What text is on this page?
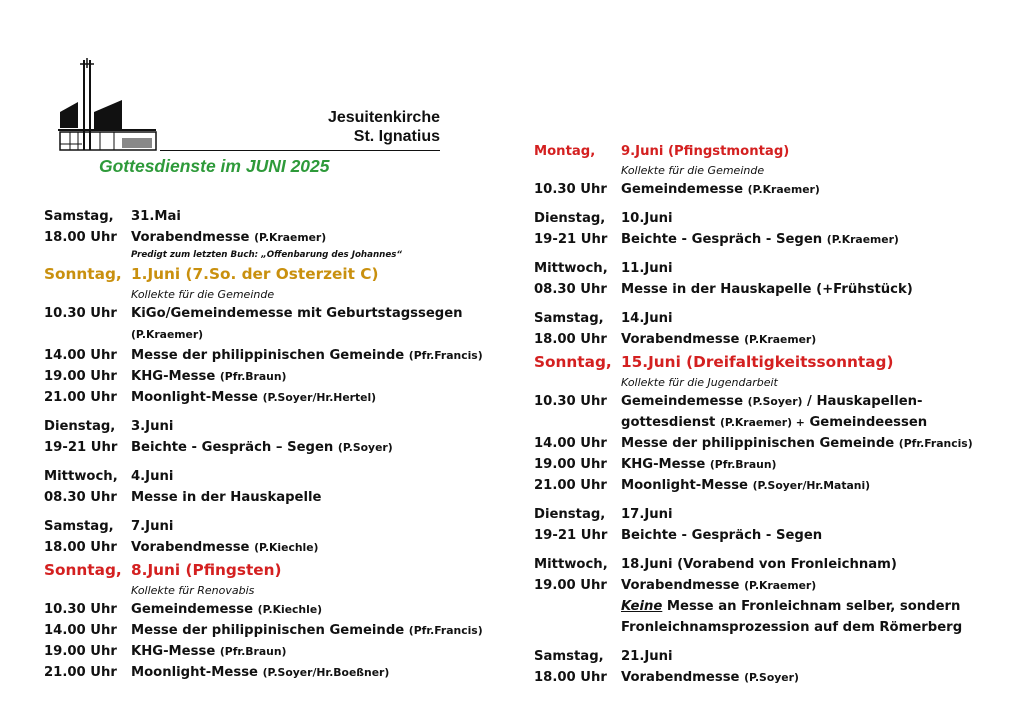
Jesuitenkirche
St. Ignatius
Gottesdienste im JUNI 2025
Samstag, 31.Mai
18.00 Uhr Vorabendmesse (P.Kraemer)
Predigt zum letzten Buch: „Offenbarung des Johannes“
Sonntag, 1.Juni (7.So. der Osterzeit C)
Kollekte für die Gemeinde
10.30 Uhr KiGo/Gemeindemesse mit Geburtstagssegen
(P.Kraemer)
14.00 Uhr Messe der philippinischen Gemeinde (Pfr.Francis)
19.00 Uhr KHG-Messe (Pfr.Braun)
21.00 Uhr Moonlight-Messe (P.Soyer/Hr.Hertel)
Dienstag, 3.Juni
19-21 Uhr Beichte - Gespräch – Segen (P.Soyer)
Mittwoch, 4.Juni
08.30 Uhr Messe in der Hauskapelle
Samstag, 7.Juni
18.00 Uhr Vorabendmesse (P.Kiechle)
Sonntag, 8.Juni (Pfingsten)
Kollekte für Renovabis
10.30 Uhr Gemeindemesse (P.Kiechle)
14.00 Uhr Messe der philippinischen Gemeinde (Pfr.Francis)
19.00 Uhr KHG-Messe (Pfr.Braun)
21.00 Uhr Moonlight-Messe (P.Soyer/Hr.Boeßner)
Montag, 9.Juni (Pfingstmontag)
Kollekte für die Gemeinde
10.30 Uhr Gemeindemesse (P.Kraemer)
Dienstag, 10.Juni
19-21 Uhr Beichte - Gespräch - Segen (P.Kraemer)
Mittwoch, 11.Juni
08.30 Uhr Messe in der Hauskapelle (+Frühstück)
Samstag, 14.Juni
18.00 Uhr Vorabendmesse (P.Kraemer)
Sonntag, 15.Juni (Dreifaltigkeitssonntag)
Kollekte für die Jugendarbeit
10.30 Uhr Gemeindemesse (P.Soyer) / Hauskapellen-
gottesdienst (P.Kraemer) + Gemeindeessen
14.00 Uhr Messe der philippinischen Gemeinde (Pfr.Francis)
19.00 Uhr KHG-Messe (Pfr.Braun)
21.00 Uhr Moonlight-Messe (P.Soyer/Hr.Matani)
Dienstag, 17.Juni
19-21 Uhr Beichte - Gespräch - Segen
Mittwoch, 18.Juni (Vorabend von Fronleichnam)
19.00 Uhr Vorabendmesse (P.Kraemer)
Keine Messe an Fronleichnam selber, sondern
Fronleichnamsprozession auf dem Römerberg
Samstag, 21.Juni
18.00 Uhr Vorabendmesse (P.Soyer)
